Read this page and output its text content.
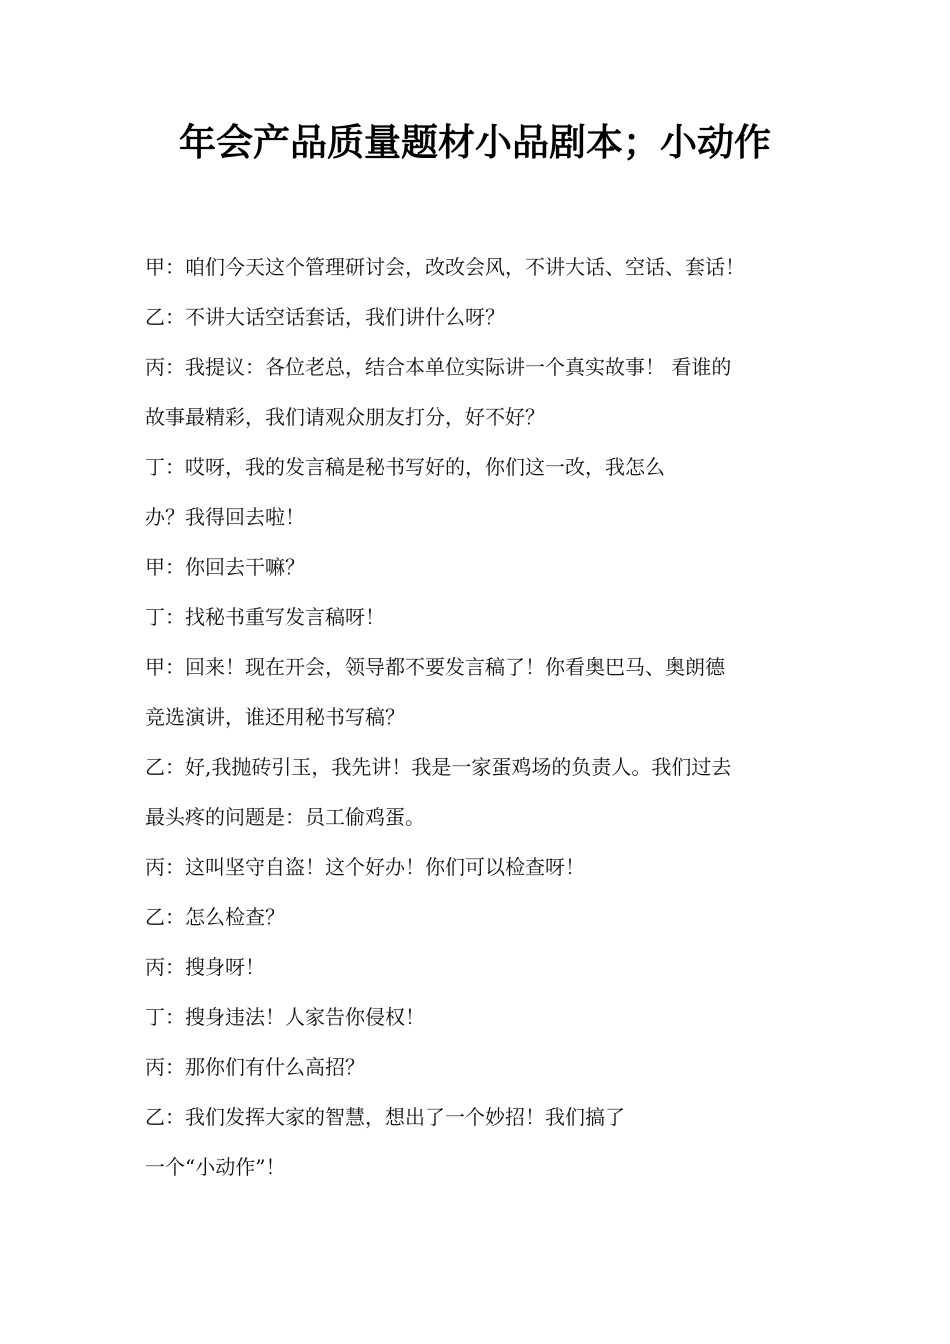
年会产品质量题材小品剧本；小动作
甲：咱们今天这个管理研讨会，改改会风，不讲大话、空话、套话！
乙：不讲大话空话套话，我们讲什么呀？
丙：我提议：各位老总，结合本单位实际讲一个真实故事！ 看谁的
故事最精彩，我们请观众朋友打分，好不好？
丁：哎呀，我的发言稿是秘书写好的，你们这一改，我怎么
办？我得回去啦！
甲：你回去干嘛？
丁：找秘书重写发言稿呀！
甲：回来！现在开会，领导都不要发言稿了！你看奥巴马、奥朗德
竞选演讲，谁还用秘书写稿？
乙：好,我抛砖引玉，我先讲！我是一家蛋鸡场的负责人。我们过去
最头疼的问题是：员工偷鸡蛋。
丙：这叫坚守自盗！这个好办！你们可以检查呀！
乙：怎么检查？
丙：搜身呀！
丁：搜身违法！人家告你侵权！
丙：那你们有什么高招？
乙：我们发挥大家的智慧，想出了一个妙招！我们搞了
一个“小动作”！
